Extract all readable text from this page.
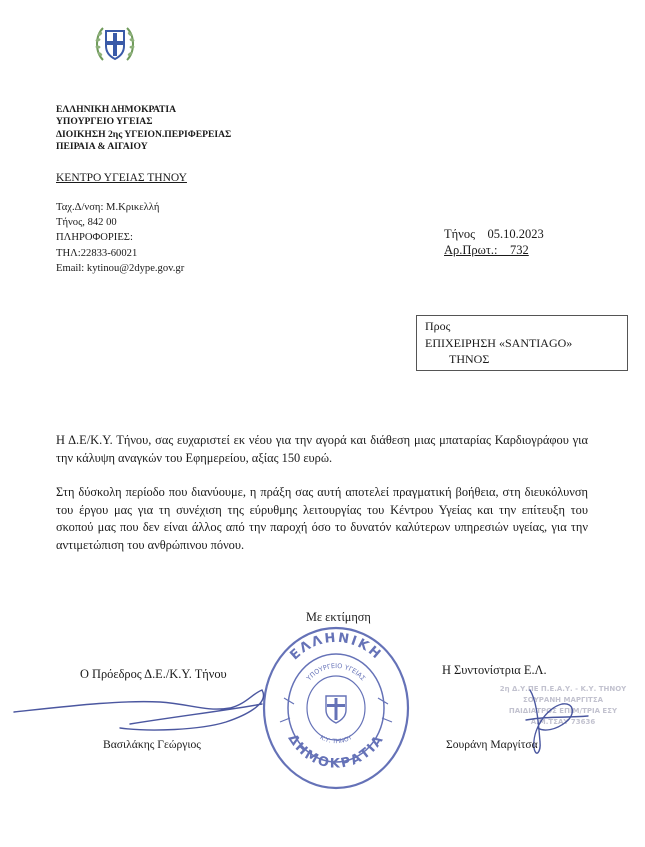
ΕΛΛΗΝΙΚΗ ΔΗΜΟΚΡΑΤΙΑ
ΥΠΟΥΡΓΕΙΟ ΥΓΕΙΑΣ
ΔΙΟΙΚΗΣΗ 2ης ΥΓΕΙΟΝ.ΠΕΡΙΦΕΡΕΙΑΣ
ΠΕΙΡΑΙΑ & ΑΙΓΑΙΟΥ
ΚΕΝΤΡΟ ΥΓΕΙΑΣ ΤΗΝΟΥ
Ταχ.Δ/νση: Μ.Κρικελλή
Τήνος, 842 00
ΠΛΗΡΟΦΟΡΙΕΣ:
ΤΗΛ:22833-60021
Email: kytinou@2dype.gov.gr
Τήνος 05.10.2023
Αρ.Πρωτ.: 732
Προς
ΕΠΙΧΕΙΡΗΣΗ «SANTIAGO»
ΤΗΝΟΣ
Η Δ.Ε/Κ.Υ. Τήνου, σας ευχαριστεί εκ νέου για την αγορά και διάθεση μιας μπαταρίας Καρδιογράφου για την κάλυψη αναγκών του Εφημερείου, αξίας 150 ευρώ.
Στη δύσκολη περίοδο που διανύουμε, η πράξη σας αυτή αποτελεί πραγματική βοήθεια, στη διευκόλυνση του έργου μας για τη συνέχιση της εύρυθμης λειτουργίας του Κέντρου Υγείας και την επίτευξη του σκοπού μας που δεν είναι άλλος από την παροχή όσο το δυνατόν καλύτερων υπηρεσιών υγείας, για την αντιμετώπιση του ανθρώπινου πόνου.
Με εκτίμηση
Ο Πρόεδρος Δ.Ε./Κ.Υ. Τήνου	Η Συντονίστρια Ε.Λ.
2η Δ.Υ.ΠΕ Π.Ε.Α.Υ. - Κ.Υ. ΤΗΝΟΥ
ΣΟΥΡΑΝΗ ΜΑΡΓΙΤΣΑ
ΠΑΙΔΙΑΤΡΟΣ ΕΠΙΜ/ΤΡΙΑ ΕΣΥ
Α.Μ.ΤΣΑΥ 73636
ΕΛΛΗΝΙΚΗ
ΔΗΜΟΚΡΑΤΙΑ
ΥΠΟΥΡΓΕΙΟ ΥΓΕΙΑΣ
Κ.Υ. ΤΗΝΟΥ
Βασιλάκης Γεώργιος	Σουράνη Μαργίτσα
